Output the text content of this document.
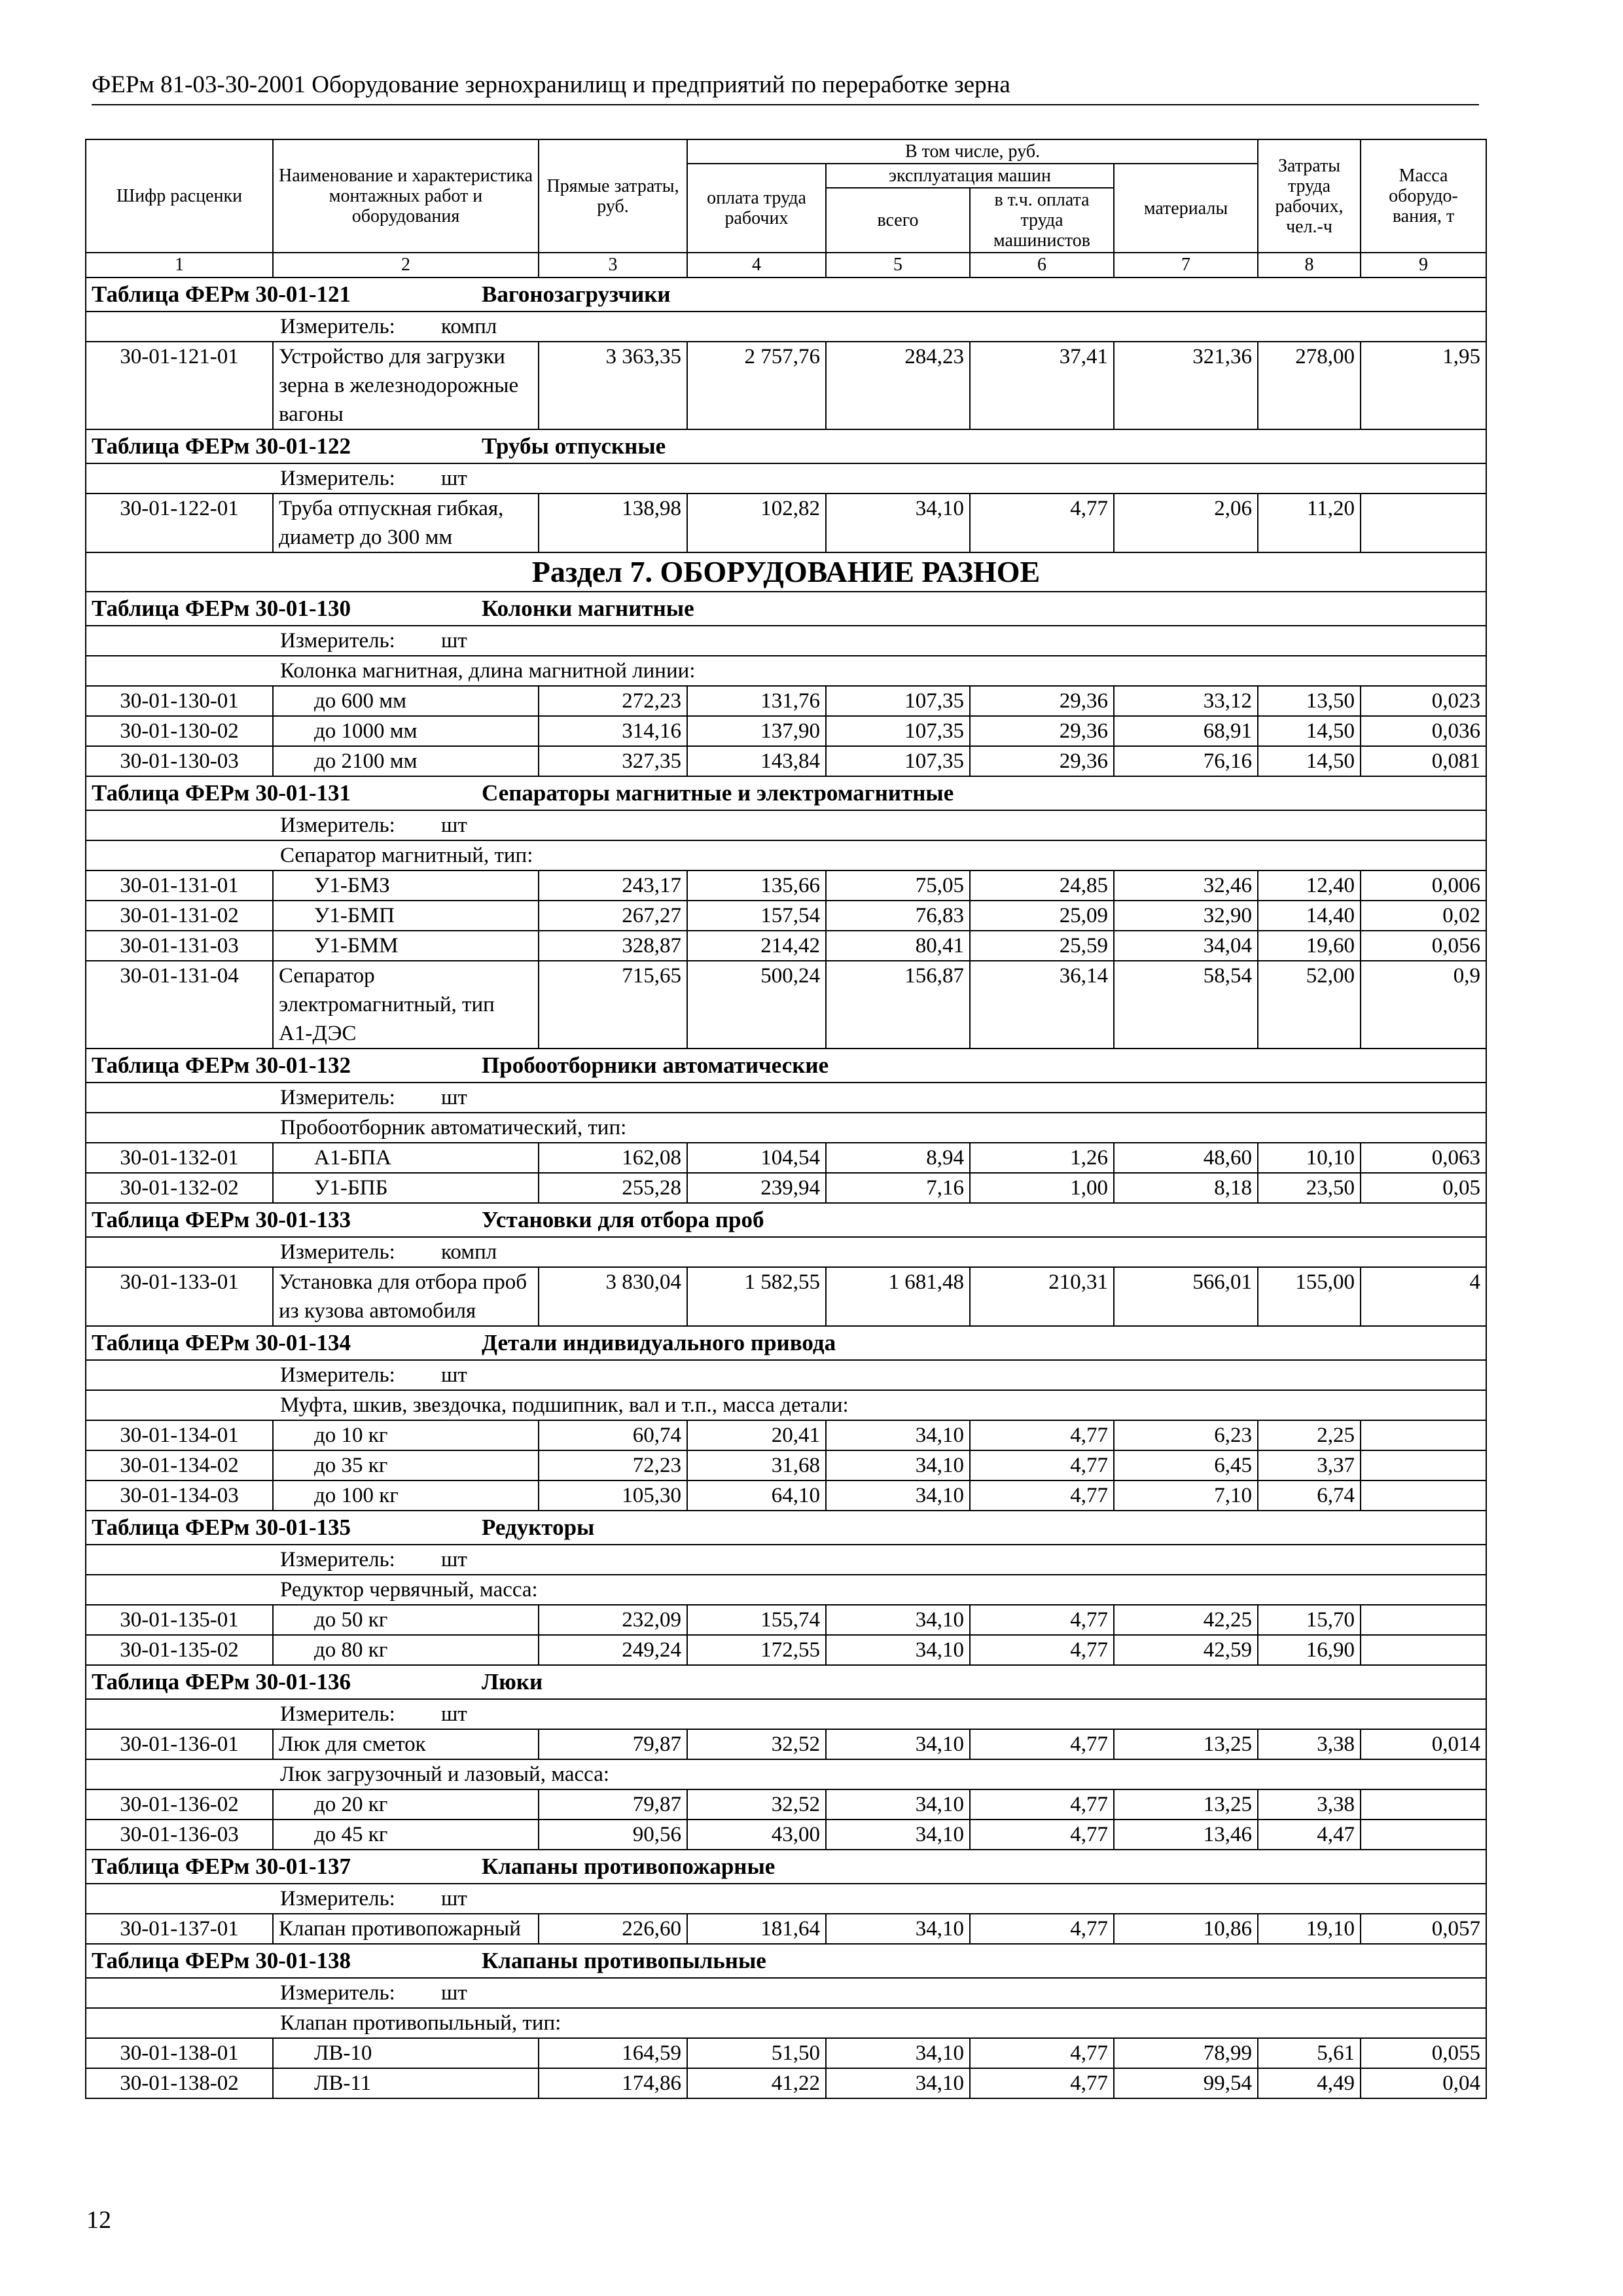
ФЕРм 81-03-30-2001 Оборудование зернохранилищ и предприятий по переработке зерна
Шифр расценки	Наименование и характеристика монтажных работ и оборудования	Прямые затраты, руб.	В том числе, руб.				Затраты труда рабочих, чел.-ч	Масса оборудо-вания, т
			оплата труда рабочих	эксплуатация машин		материалы		
				всего	в т.ч. оплата труда машинистов			
1	2	3	4	5	6	7	8	9
Таблица ФЕРм 30-01-121 Вагонозагрузчики								
Измеритель: компл								
30-01-121-01	Устройство для загрузки зерна в железнодорожные вагоны	3 363,35	2 757,76	284,23	37,41	321,36	278,00	1,95
Таблица ФЕРм 30-01-122 Трубы отпускные								
Измеритель: шт								
30-01-122-01	Труба отпускная гибкая, диаметр до 300 мм	138,98	102,82	34,10	4,77	2,06	11,20	
Раздел 7. ОБОРУДОВАНИЕ РАЗНОЕ								
Таблица ФЕРм 30-01-130 Колонки магнитные								
Измеритель: шт								
Колонка магнитная, длина магнитной линии:								
30-01-130-01	до 600 мм	272,23	131,76	107,35	29,36	33,12	13,50	0,023
30-01-130-02	до 1000 мм	314,16	137,90	107,35	29,36	68,91	14,50	0,036
30-01-130-03	до 2100 мм	327,35	143,84	107,35	29,36	76,16	14,50	0,081
Таблица ФЕРм 30-01-131 Сепараторы магнитные и электромагнитные								
Измеритель: шт								
Сепаратор магнитный, тип:								
30-01-131-01	У1-БМЗ	243,17	135,66	75,05	24,85	32,46	12,40	0,006
30-01-131-02	У1-БМП	267,27	157,54	76,83	25,09	32,90	14,40	0,02
30-01-131-03	У1-БММ	328,87	214,42	80,41	25,59	34,04	19,60	0,056
30-01-131-04	Сепаратор электромагнитный, тип А1-ДЭС	715,65	500,24	156,87	36,14	58,54	52,00	0,9
Таблица ФЕРм 30-01-132 Пробоотборники автоматические								
Измеритель: шт								
Пробоотборник автоматический, тип:								
30-01-132-01	А1-БПА	162,08	104,54	8,94	1,26	48,60	10,10	0,063
30-01-132-02	У1-БПБ	255,28	239,94	7,16	1,00	8,18	23,50	0,05
Таблица ФЕРм 30-01-133 Установки для отбора проб								
Измеритель: компл								
30-01-133-01	Установка для отбора проб из кузова автомобиля	3 830,04	1 582,55	1 681,48	210,31	566,01	155,00	4
Таблица ФЕРм 30-01-134 Детали индивидуального привода								
Измеритель: шт								
Муфта, шкив, звездочка, подшипник, вал и т.п., масса детали:								
30-01-134-01	до 10 кг	60,74	20,41	34,10	4,77	6,23	2,25	
30-01-134-02	до 35 кг	72,23	31,68	34,10	4,77	6,45	3,37	
30-01-134-03	до 100 кг	105,30	64,10	34,10	4,77	7,10	6,74	
Таблица ФЕРм 30-01-135 Редукторы								
Измеритель: шт								
Редуктор червячный, масса:								
30-01-135-01	до 50 кг	232,09	155,74	34,10	4,77	42,25	15,70	
30-01-135-02	до 80 кг	249,24	172,55	34,10	4,77	42,59	16,90	
Таблица ФЕРм 30-01-136 Люки								
Измеритель: шт								
30-01-136-01	Люк для сметок	79,87	32,52	34,10	4,77	13,25	3,38	0,014
Люк загрузочный и лазовый, масса:								
30-01-136-02	до 20 кг	79,87	32,52	34,10	4,77	13,25	3,38	
30-01-136-03	до 45 кг	90,56	43,00	34,10	4,77	13,46	4,47	
Таблица ФЕРм 30-01-137 Клапаны противопожарные								
Измеритель: шт								
30-01-137-01	Клапан противопожарный	226,60	181,64	34,10	4,77	10,86	19,10	0,057
Таблица ФЕРм 30-01-138 Клапаны противопыльные								
Измеритель: шт								
Клапан противопыльный, тип:								
30-01-138-01	ЛВ-10	164,59	51,50	34,10	4,77	78,99	5,61	0,055
30-01-138-02	ЛВ-11	174,86	41,22	34,10	4,77	99,54	4,49	0,04
12
